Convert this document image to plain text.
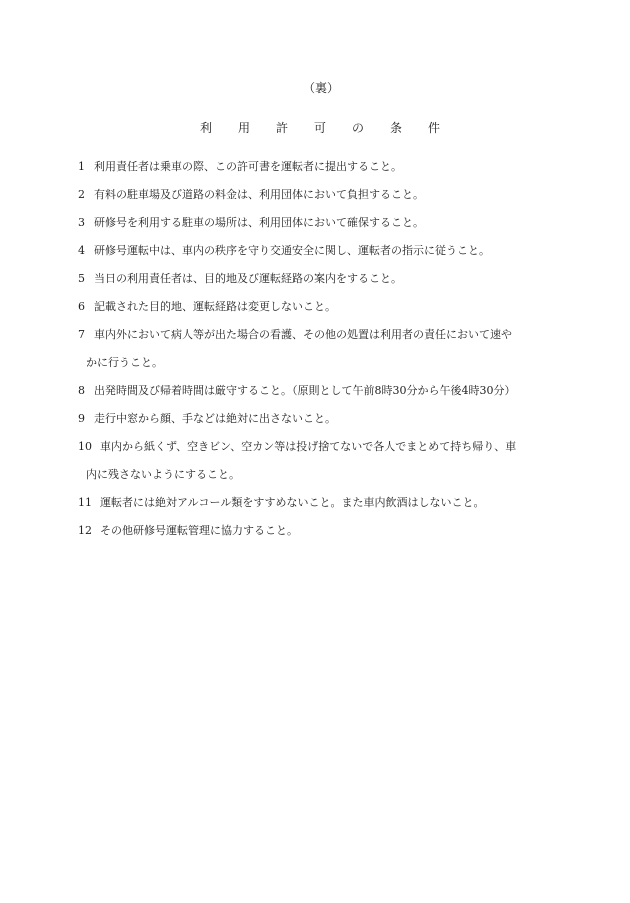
（裏）
利用許可の条件
1 利用責任者は乗車の際、この許可書を運転者に提出すること。
2 有料の駐車場及び道路の料金は、利用団体において負担すること。
3 研修号を利用する駐車の場所は、利用団体において確保すること。
4 研修号運転中は、車内の秩序を守り交通安全に関し、運転者の指示に従うこと。
5 当日の利用責任者は、目的地及び運転経路の案内をすること。
6 記載された目的地、運転経路は変更しないこと。
7 車内外において病人等が出た場合の看護、その他の処置は利用者の責任において速や
かに行うこと。
8 出発時間及び帰着時間は厳守すること。（原則として午前8時30分から午後4時30分）
9 走行中窓から顔、手などは絶対に出さないこと。
10 車内から紙くず、空きビン、空カン等は投げ捨てないで各人でまとめて持ち帰り、車
内に残さないようにすること。
11 運転者には絶対アルコール類をすすめないこと。また車内飲酒はしないこと。
12 その他研修号運転管理に協力すること。
